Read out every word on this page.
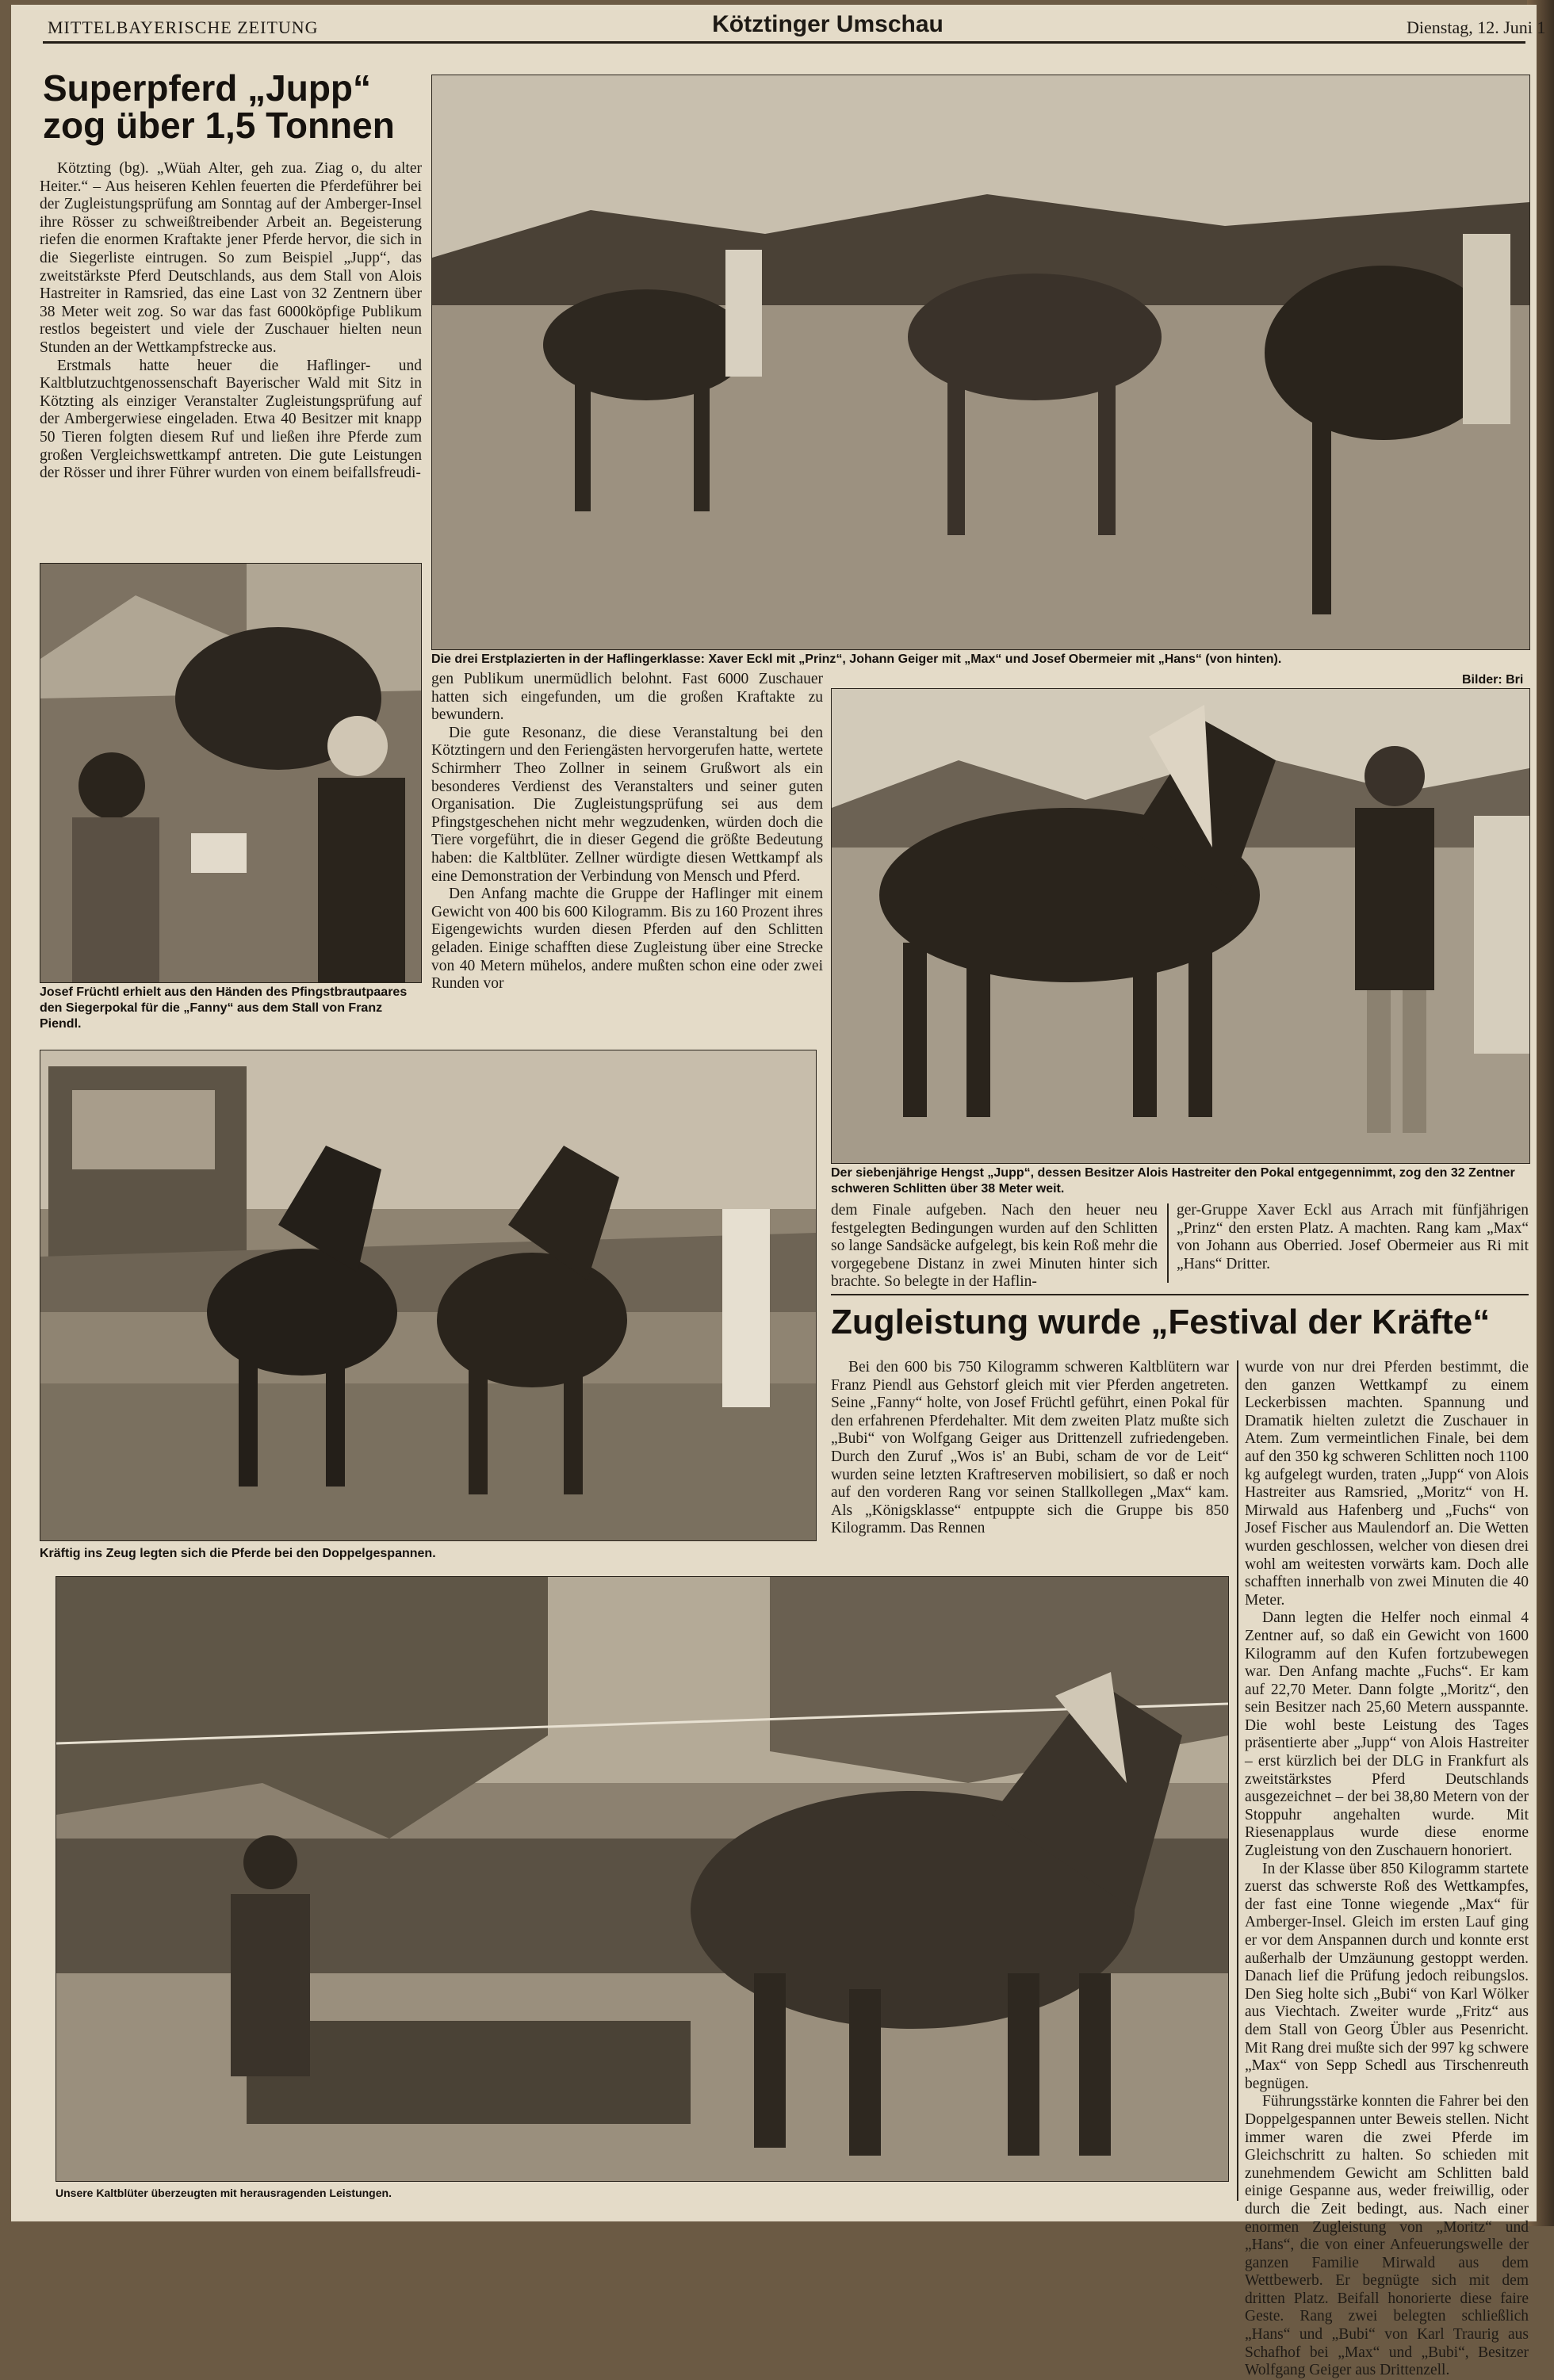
MITTELBAYERISCHE ZEITUNG	Kötztinger Umschau	Dienstag, 12. Juni 1
Superpferd „Jupp“
zog über 1,5 Tonnen

Kötzting (bg). „Wüah Alter, geh zua. Ziag o, du alter Heiter.“ – Aus heiseren Kehlen feuerten die Pferdeführer bei der Zugleistungsprüfung am Sonntag auf der Amberger-Insel ihre Rösser zu schweißtreibender Arbeit an. Begeisterung riefen die enormen Kraftakte jener Pferde hervor, die sich in die Siegerliste eintrugen. So zum Beispiel „Jupp“, das zweitstärkste Pferd Deutschlands, aus dem Stall von Alois Hastreiter in Ramsried, das eine Last von 32 Zentnern über 38 Meter weit zog. So war das fast 6000köpfige Publikum restlos begeistert und viele der Zuschauer hielten neun Stunden an der Wettkampfstrecke aus.

Erstmals hatte heuer die Haflinger- und Kaltblutzuchtgenossenschaft Bayerischer Wald mit Sitz in Kötzting als einziger Veranstalter Zugleistungsprüfung auf der Ambergerwiese eingeladen. Etwa 40 Besitzer mit knapp 50 Tieren folgten diesem Ruf und ließen ihre Pferde zum großen Vergleichswettkampf antreten. Die gute Leistungen der Rösser und ihrer Führer wurden von einem beifallsfreudi-

Die drei Erstplazierten in der Haflingerklasse: Xaver Eckl mit „Prinz“, Johann Geiger mit „Max“ und Josef Obermeier mit „Hans“ (von hinten).
Bilder: Bri
Josef Früchtl erhielt aus den Händen des Pfingstbrautpaares den Siegerpokal für die „Fanny“ aus dem Stall von Franz Piendl.

gen Publikum unermüdlich belohnt. Fast 6000 Zuschauer hatten sich eingefunden, um die großen Kraftakte zu bewundern.

Die gute Resonanz, die diese Veranstaltung bei den Kötztingern und den Feriengästen hervorgerufen hatte, wertete Schirmherr Theo Zollner in seinem Grußwort als ein besonderes Verdienst des Veranstalters und seiner guten Organisation. Die Zugleistungsprüfung sei aus dem Pfingstgeschehen nicht mehr wegzudenken, würden doch die Tiere vorgeführt, die in dieser Gegend die größte Bedeutung haben: die Kaltblüter. Zellner würdigte diesen Wettkampf als eine Demonstration der Verbindung von Mensch und Pferd.

Den Anfang machte die Gruppe der Haflinger mit einem Gewicht von 400 bis 600 Kilogramm. Bis zu 160 Prozent ihres Eigengewichts wurden diesen Pferden auf den Schlitten geladen. Einige schafften diese Zugleistung über eine Strecke von 40 Metern mühelos, andere mußten schon eine oder zwei Runden vor

Der siebenjährige Hengst „Jupp“, dessen Besitzer Alois Hastreiter den Pokal entgegennimmt, zog den 32 Zentner schweren Schlitten über 38 Meter weit.
Kräftig ins Zeug legten sich die Pferde bei den Doppelgespannen.

dem Finale aufgeben. Nach den heuer neu festgelegten Bedingungen wurden auf den Schlitten so lange Sandsäcke aufgelegt, bis kein Roß mehr die vorgegebene Distanz in zwei Minuten hinter sich brachte. So belegte in der Haflin-

ger-Gruppe Xaver Eckl aus Arrach mit fünfjährigen „Prinz“ den ersten Platz. A machten. Rang kam „Max“ von Johann aus Oberried. Josef Obermeier aus Ri mit „Hans“ Dritter.

Zugleistung wurde „Festival der Kräfte“

Bei den 600 bis 750 Kilogramm schweren Kaltblütern war Franz Piendl aus Gehstorf gleich mit vier Pferden angetreten. Seine „Fanny“ holte, von Josef Früchtl geführt, einen Pokal für den erfahrenen Pferdehalter. Mit dem zweiten Platz mußte sich „Bubi“ von Wolfgang Geiger aus Drittenzell zufriedengeben. Durch den Zuruf „Wos is' an Bubi, scham de vor de Leit“ wurden seine letzten Kraftreserven mobilisiert, so daß er noch auf den vorderen Rang vor seinen Stallkollegen „Max“ kam. Als „Königsklasse“ entpuppte sich die Gruppe bis 850 Kilogramm. Das Rennen

wurde von nur drei Pferden bestimmt, die den ganzen Wettkampf zu einem Leckerbissen machten. Spannung und Dramatik hielten zuletzt die Zuschauer in Atem. Zum vermeintlichen Finale, bei dem auf den 350 kg schweren Schlitten noch 1100 kg aufgelegt wurden, traten „Jupp“ von Alois Hastreiter aus Ramsried, „Moritz“ von H. Mirwald aus Hafenberg und „Fuchs“ von Josef Fischer aus Maulendorf an. Die Wetten wurden geschlossen, welcher von diesen drei wohl am weitesten vorwärts kam. Doch alle schafften innerhalb von zwei Minuten die 40 Meter.

Dann legten die Helfer noch einmal 4 Zentner auf, so daß ein Gewicht von 1600 Kilogramm auf den Kufen fortzubewegen war. Den Anfang machte „Fuchs“. Er kam auf 22,70 Meter. Dann folgte „Moritz“, den sein Besitzer nach 25,60 Metern ausspannte. Die wohl beste Leistung des Tages präsentierte aber „Jupp“ von Alois Hastreiter – erst kürzlich bei der DLG in Frankfurt als zweitstärkstes Pferd Deutschlands ausgezeichnet – der bei 38,80 Metern von der Stoppuhr angehalten wurde. Mit Riesenapplaus wurde diese enorme Zugleistung von den Zuschauern honoriert.

In der Klasse über 850 Kilogramm startete zuerst das schwerste Roß des Wettkampfes, der fast eine Tonne wiegende „Max“ für Amberger-Insel. Gleich im ersten Lauf ging er vor dem Anspannen durch und konnte erst außerhalb der Umzäunung gestoppt werden. Danach lief die Prüfung jedoch reibungslos. Den Sieg holte sich „Bubi“ von Karl Wölker aus Viechtach. Zweiter wurde „Fritz“ aus dem Stall von Georg Übler aus Pesenricht. Mit Rang drei mußte sich der 997 kg schwere „Max“ von Sepp Schedl aus Tirschenreuth begnügen.

Führungsstärke konnten die Fahrer bei den Doppelgespannen unter Beweis stellen. Nicht immer waren die zwei Pferde im Gleichschritt zu halten. So schieden mit zunehmendem Gewicht am Schlitten bald einige Gespanne aus, weder freiwillig, oder durch die Zeit bedingt, aus. Nach einer enormen Zugleistung von „Moritz“ und „Hans“, die von einer Anfeuerungswelle der ganzen Familie Mirwald aus dem Wettbewerb. Er begnügte sich mit dem dritten Platz. Beifall honorierte diese faire Geste. Rang zwei belegten schließlich „Hans“ und „Bubi“ von Karl Traurig aus Schafhof bei „Max“ und „Bubi“, Besitzer Wolfgang Geiger aus Drittenzell.

Unsere Kaltblüter überzeugten mit herausragenden Leistungen.
